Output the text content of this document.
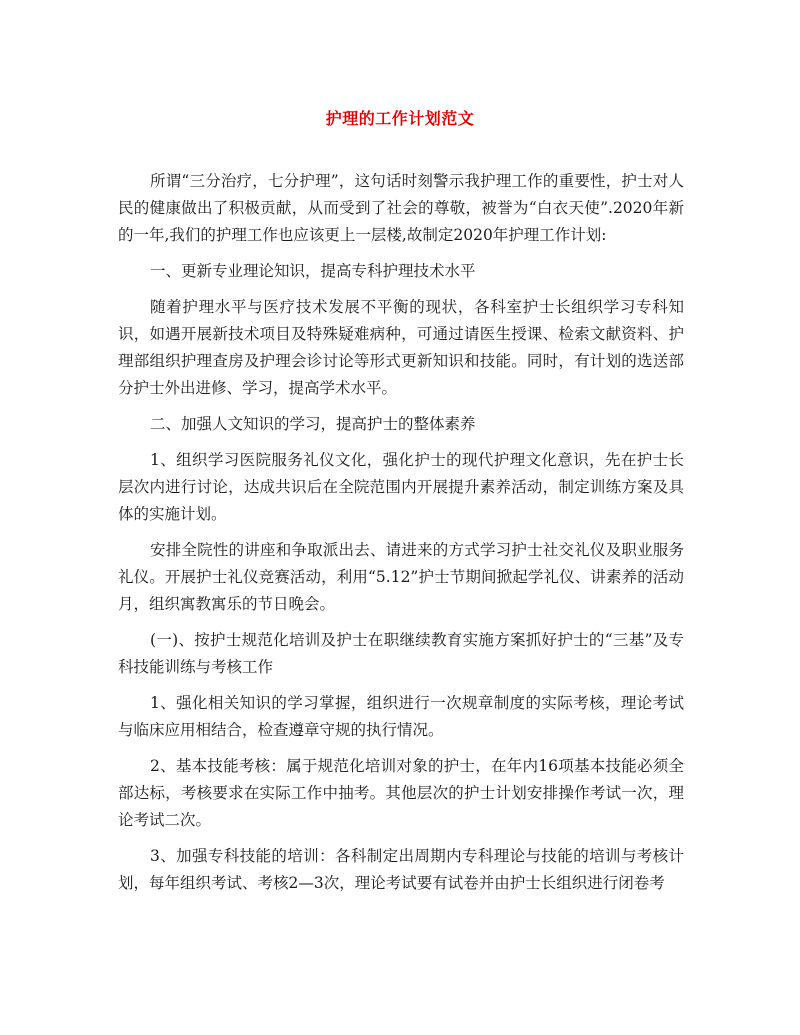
护理的工作计划范文

所谓“三分治疗，七分护理”，这句话时刻警示我护理工作的重要性，护士对人民的健康做出了积极贡献，从而受到了社会的尊敬，被誉为“白衣天使”.2020年新的一年,我们的护理工作也应该更上一层楼,故制定2020年护理工作计划:

一、更新专业理论知识，提高专科护理技术水平

随着护理水平与医疗技术发展不平衡的现状，各科室护士长组织学习专科知识，如遇开展新技术项目及特殊疑难病种，可通过请医生授课、检索文献资料、护理部组织护理查房及护理会诊讨论等形式更新知识和技能。同时，有计划的选送部分护士外出进修、学习，提高学术水平。

二、加强人文知识的学习，提高护士的整体素养

1、组织学习医院服务礼仪文化，强化护士的现代护理文化意识，先在护士长层次内进行讨论，达成共识后在全院范围内开展提升素养活动，制定训练方案及具体的实施计划。

安排全院性的讲座和争取派出去、请进来的方式学习护士社交礼仪及职业服务礼仪。开展护士礼仪竞赛活动，利用“5.12”护士节期间掀起学礼仪、讲素养的活动月，组织寓教寓乐的节日晚会。

(一)、按护士规范化培训及护士在职继续教育实施方案抓好护士的“三基”及专科技能训练与考核工作

1、强化相关知识的学习掌握，组织进行一次规章制度的实际考核，理论考试与临床应用相结合，检查遵章守规的执行情况。

2、基本技能考核：属于规范化培训对象的护士，在年内16项基本技能必须全部达标，考核要求在实际工作中抽考。其他层次的护士计划安排操作考试一次，理论考试二次。

3、加强专科技能的培训：各科制定出周期内专科理论与技能的培训与考核计划，每年组织考试、考核2—3次，理论考试要有试卷并由护士长组织进行闭卷考
